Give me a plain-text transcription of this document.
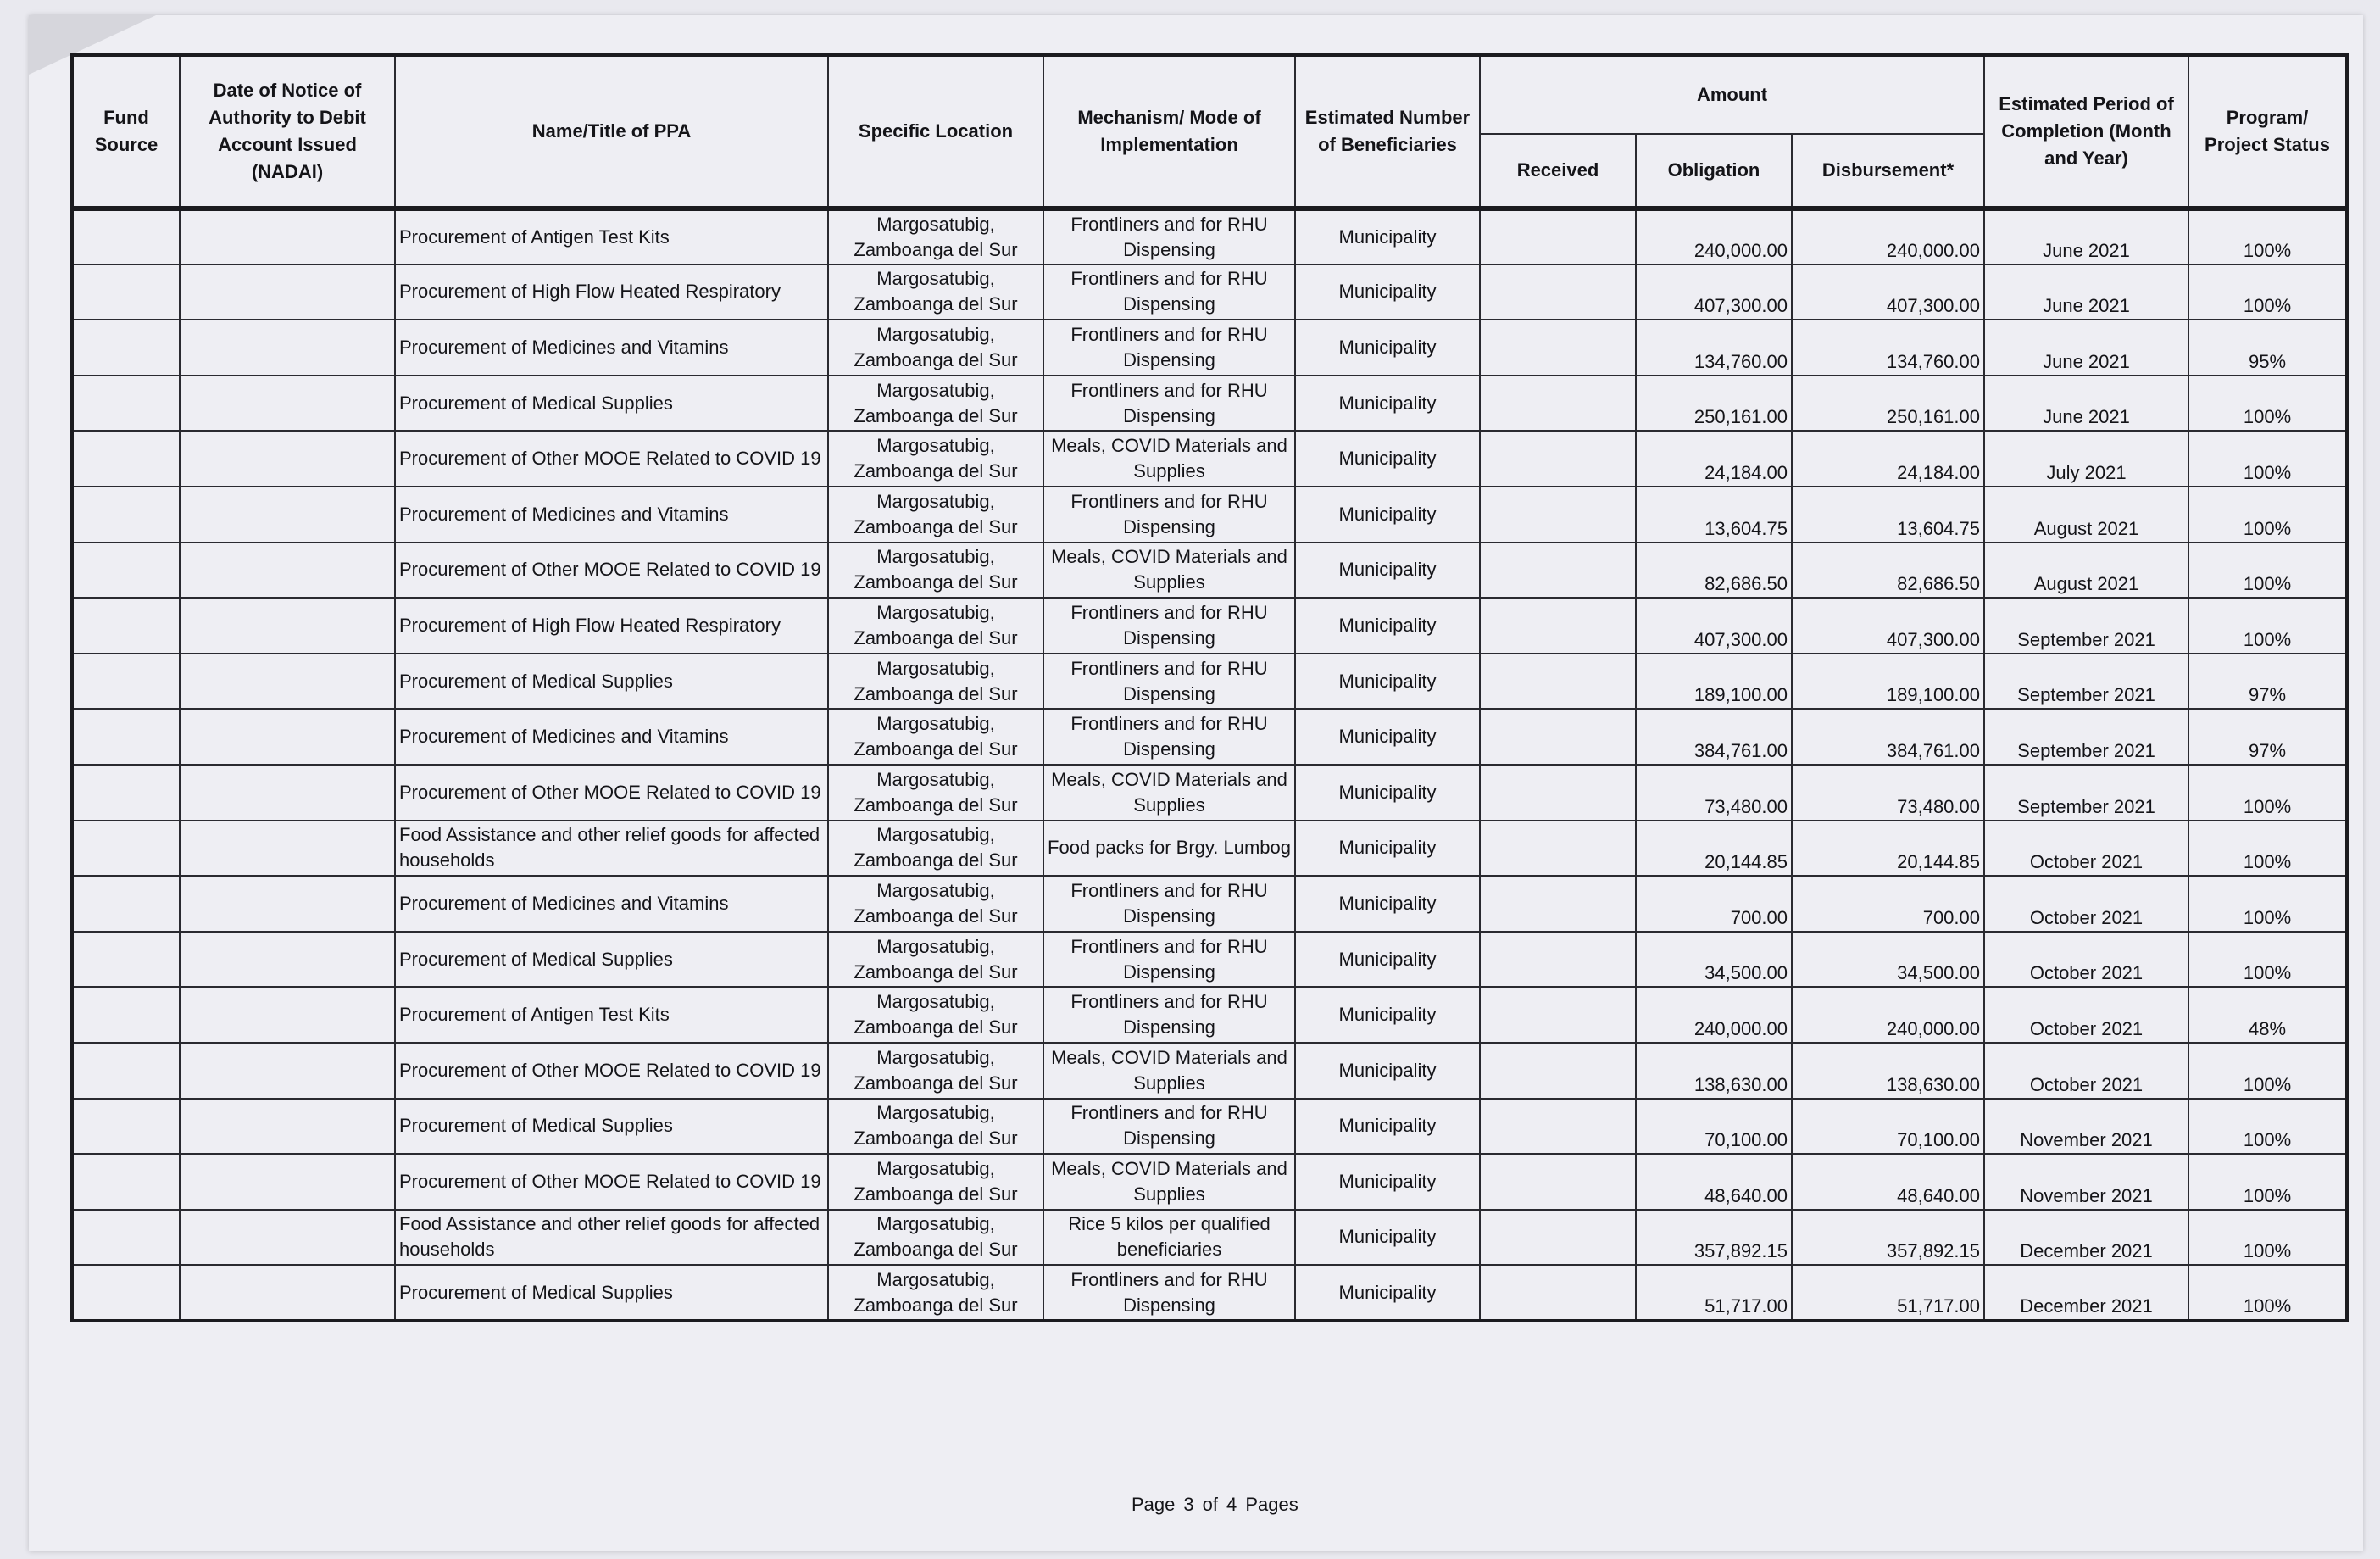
Fund Source	Date of Notice of Authority to Debit Account Issued (NADAI)	Name/Title of PPA	Specific Location	Mechanism/ Mode of Implementation	Estimated Number of Beneficiaries	Amount			Estimated Period of Completion (Month and Year)	Program/ Project Status
						Received	Obligation	Disbursement*		
		Procurement of Antigen Test Kits	Margosatubig, Zamboanga del Sur	Frontliners and for RHU Dispensing	Municipality		240,000.00	240,000.00	June 2021	100%
		Procurement of High Flow Heated Respiratory	Margosatubig, Zamboanga del Sur	Frontliners and for RHU Dispensing	Municipality		407,300.00	407,300.00	June 2021	100%
		Procurement of Medicines and Vitamins	Margosatubig, Zamboanga del Sur	Frontliners and for RHU Dispensing	Municipality		134,760.00	134,760.00	June 2021	95%
		Procurement of Medical Supplies	Margosatubig, Zamboanga del Sur	Frontliners and for RHU Dispensing	Municipality		250,161.00	250,161.00	June 2021	100%
		Procurement of Other MOOE Related to COVID 19	Margosatubig, Zamboanga del Sur	Meals, COVID Materials and Supplies	Municipality		24,184.00	24,184.00	July 2021	100%
		Procurement of Medicines and Vitamins	Margosatubig, Zamboanga del Sur	Frontliners and for RHU Dispensing	Municipality		13,604.75	13,604.75	August 2021	100%
		Procurement of Other MOOE Related to COVID 19	Margosatubig, Zamboanga del Sur	Meals, COVID Materials and Supplies	Municipality		82,686.50	82,686.50	August 2021	100%
		Procurement of High Flow Heated Respiratory	Margosatubig, Zamboanga del Sur	Frontliners and for RHU Dispensing	Municipality		407,300.00	407,300.00	September 2021	100%
		Procurement of Medical Supplies	Margosatubig, Zamboanga del Sur	Frontliners and for RHU Dispensing	Municipality		189,100.00	189,100.00	September 2021	97%
		Procurement of Medicines and Vitamins	Margosatubig, Zamboanga del Sur	Frontliners and for RHU Dispensing	Municipality		384,761.00	384,761.00	September 2021	97%
		Procurement of Other MOOE Related to COVID 19	Margosatubig, Zamboanga del Sur	Meals, COVID Materials and Supplies	Municipality		73,480.00	73,480.00	September 2021	100%
		Food Assistance and other relief goods for affected households	Margosatubig, Zamboanga del Sur	Food packs for Brgy. Lumbog	Municipality		20,144.85	20,144.85	October 2021	100%
		Procurement of Medicines and Vitamins	Margosatubig, Zamboanga del Sur	Frontliners and for RHU Dispensing	Municipality		700.00	700.00	October 2021	100%
		Procurement of Medical Supplies	Margosatubig, Zamboanga del Sur	Frontliners and for RHU Dispensing	Municipality		34,500.00	34,500.00	October 2021	100%
		Procurement of Antigen Test Kits	Margosatubig, Zamboanga del Sur	Frontliners and for RHU Dispensing	Municipality		240,000.00	240,000.00	October 2021	48%
		Procurement of Other MOOE Related to COVID 19	Margosatubig, Zamboanga del Sur	Meals, COVID Materials and Supplies	Municipality		138,630.00	138,630.00	October 2021	100%
		Procurement of Medical Supplies	Margosatubig, Zamboanga del Sur	Frontliners and for RHU Dispensing	Municipality		70,100.00	70,100.00	November 2021	100%
		Procurement of Other MOOE Related to COVID 19	Margosatubig, Zamboanga del Sur	Meals, COVID Materials and Supplies	Municipality		48,640.00	48,640.00	November 2021	100%
		Food Assistance and other relief goods for affected households	Margosatubig, Zamboanga del Sur	Rice 5 kilos per qualified beneficiaries	Municipality		357,892.15	357,892.15	December 2021	100%
		Procurement of Medical Supplies	Margosatubig, Zamboanga del Sur	Frontliners and for RHU Dispensing	Municipality		51,717.00	51,717.00	December 2021	100%
Page 3 of 4 Pages
